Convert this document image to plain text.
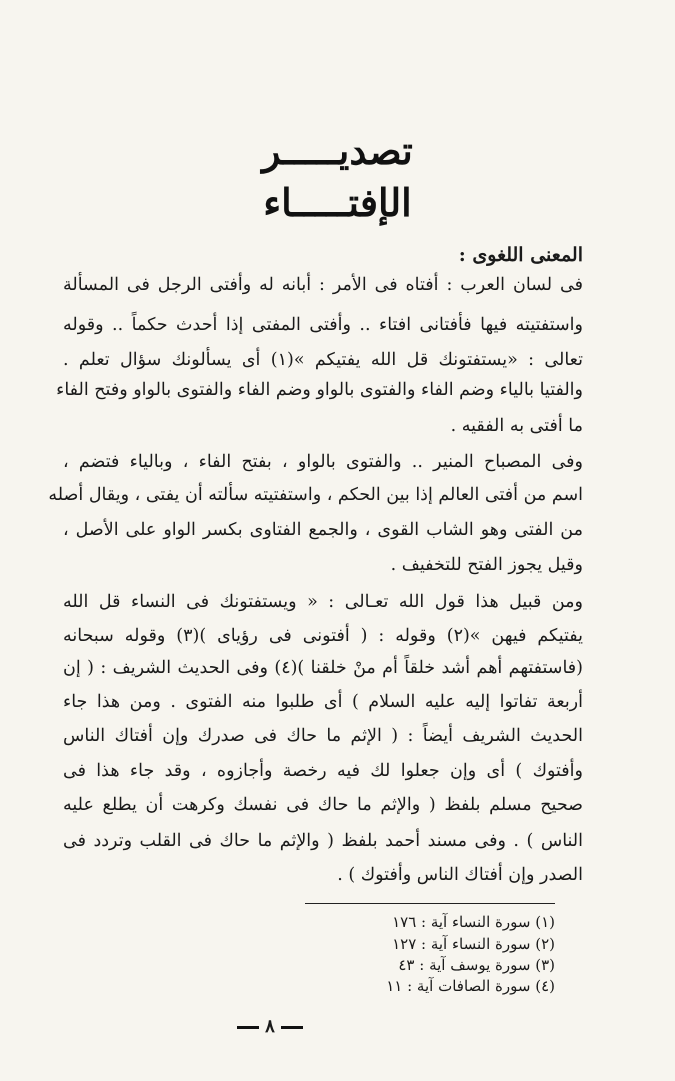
تصديـــــر
الإفتـــــاء
المعنى اللغوى :
فى لسان العرب : أفتاه فى الأمر : أبانه له وأفتى الرجل فى المسألة
واستفتيته فيها فأفتانى افتاء .. وأفتى المفتى إذا أحدث حكماً .. وقوله
تعالى : «يستفتونك قل الله يفتيكم »(١) أى يسألونك سؤال تعلم .
والفتيا بالياء وضم الفاء والفتوى بالواو وضم الفاء والفتوى بالواو وفتح الفاء
ما أفتى به الفقيه .
وفى المصباح المنير .. والفتوى بالواو ، بفتح الفاء ، وبالياء فتضم ،
اسم من أفتى العالم إذا بين الحكم ، واستفتيته سألته أن يفتى ، ويقال أصله
من الفتى وهو الشاب القوى ، والجمع الفتاوى بكسر الواو على الأصل ،
وقيل يجوز الفتح للتخفيف .
ومن قبيل هذا قول الله تعـالى : « ويستفتونك فى النساء قل الله
يفتيكم فيهن »(٢) وقوله : ( أفتونى فى رؤياى )(٣) وقوله سبحانه
(فاستفتهم أهم أشد خلقاً أم منْ خلقنا )(٤) وفى الحديث الشريف : ( إن
أربعة تفاتوا إليه عليه السلام ) أى طلبوا منه الفتوى . ومن هذا جاء
الحديث الشريف أيضاً : ( الإثم ما حاك فى صدرك وإن أفتاك الناس
وأفتوك ) أى وإن جعلوا لك فيه رخصة وأجازوه ، وقد جاء هذا فى
صحيح مسلم بلفظ ( والإثم ما حاك فى نفسك وكرهت أن يطلع عليه
الناس ) . وفى مسند أحمد بلفظ ( والإثم ما حاك فى القلب وتردد فى
الصدر وإن أفتاك الناس وأفتوك ) .
(١) سورة النساء آية : ١٧٦
(٢) سورة النساء آية : ١٢٧
(٣) سورة يوسف آية : ٤٣
(٤) سورة الصافات آية : ١١
٨
